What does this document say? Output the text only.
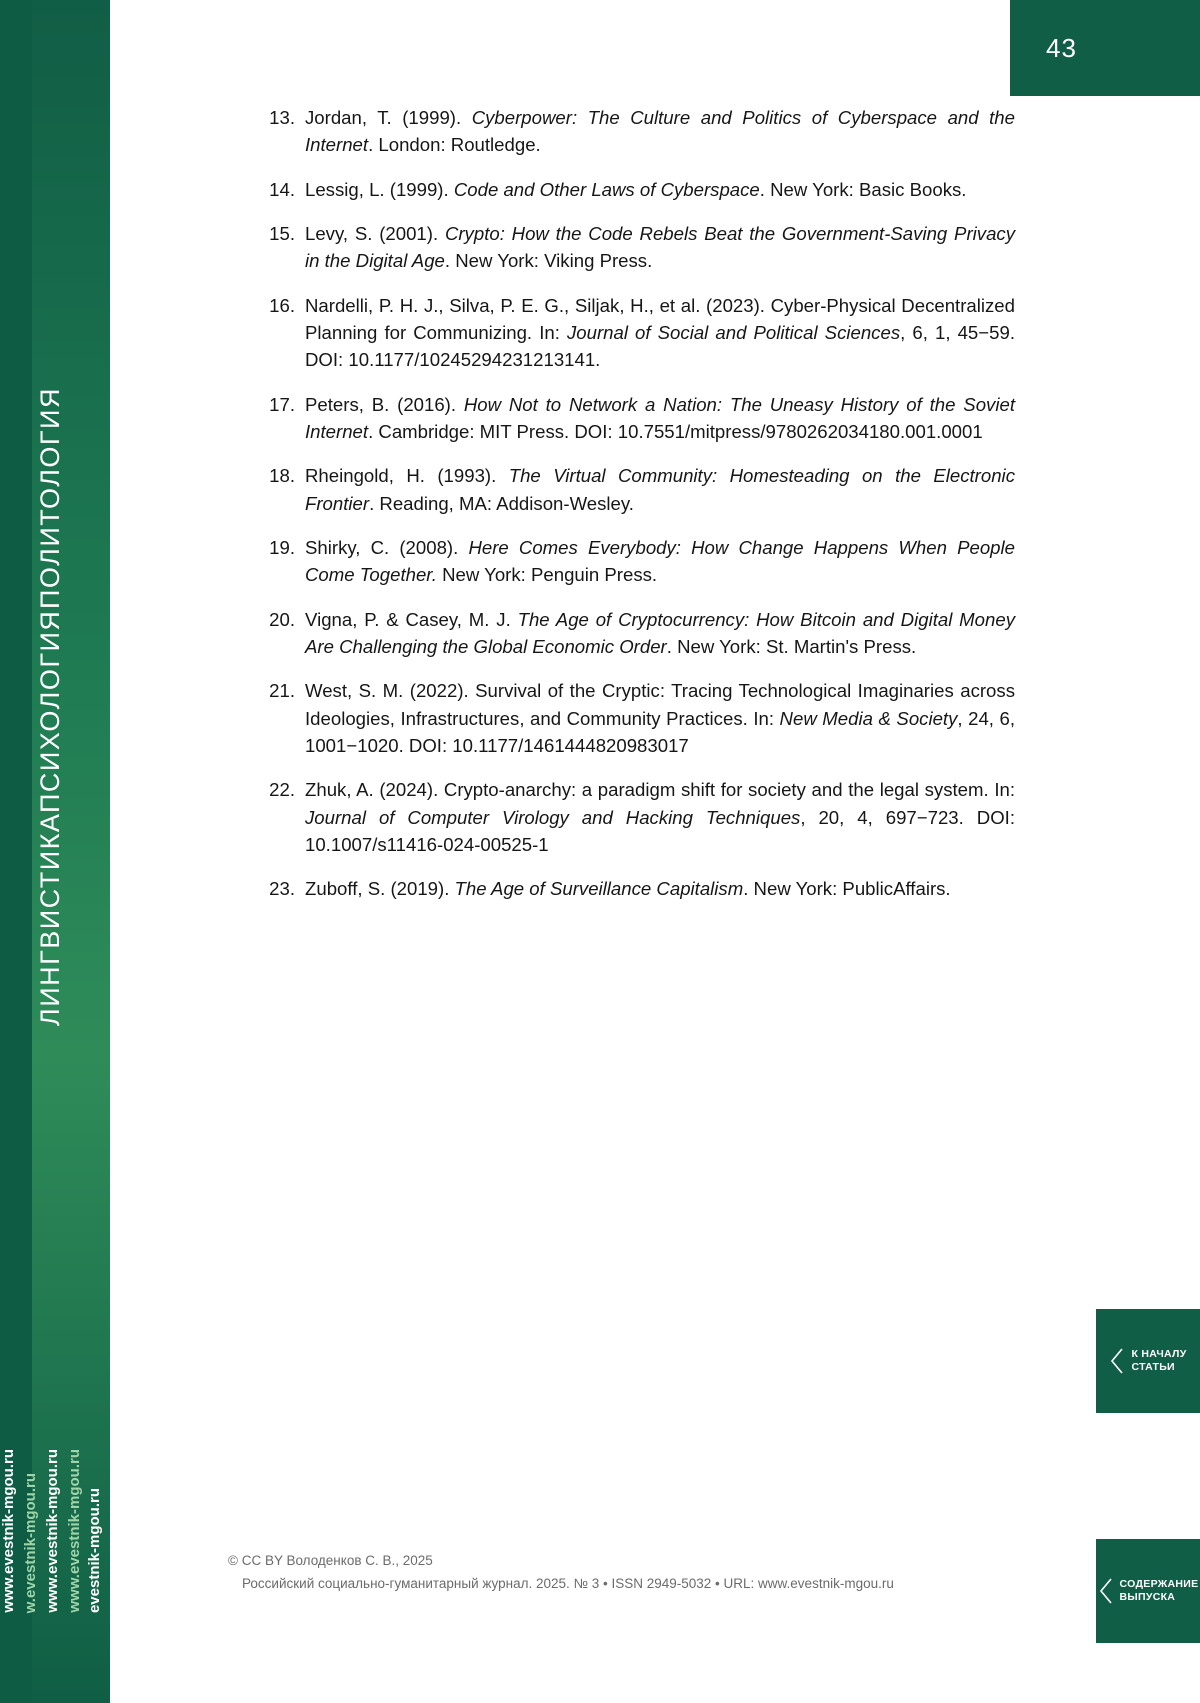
ЛИНГВИСТИКА
ПСИХОЛОГИЯ
ПОЛИТОЛОГИЯ
www.evestnik-mgou.ru w.evestnik-mgou.ru www.evestnik-mgou.ru www.evestnik-mgou.ru evestnik-mgou.ru
43
13. Jordan, T. (1999). Cyberpower: The Culture and Politics of Cyberspace and the Internet. London: Routledge.
14. Lessig, L. (1999). Code and Other Laws of Cyberspace. New York: Basic Books.
15. Levy, S. (2001). Crypto: How the Code Rebels Beat the Government-Saving Privacy in the Digital Age. New York: Viking Press.
16. Nardelli, P. H. J., Silva, P. E. G., Siljak, H., et al. (2023). Cyber-Physical Decentralized Planning for Communizing. In: Journal of Social and Political Sciences, 6, 1, 45−59. DOI: 10.1177/10245294231213141.
17. Peters, B. (2016). How Not to Network a Nation: The Uneasy History of the Soviet Internet. Cambridge: MIT Press. DOI: 10.7551/mitpress/9780262034180.001.0001
18. Rheingold, H. (1993). The Virtual Community: Homesteading on the Electronic Frontier. Reading, MA: Addison-Wesley.
19. Shirky, C. (2008). Here Comes Everybody: How Change Happens When People Come Together. New York: Penguin Press.
20. Vigna, P. & Casey, M. J. The Age of Cryptocurrency: How Bitcoin and Digital Money Are Challenging the Global Economic Order. New York: St. Martin's Press.
21. West, S. M. (2022). Survival of the Cryptic: Tracing Technological Imaginaries across Ideologies, Infrastructures, and Community Practices. In: New Media & Society, 24, 6, 1001−1020. DOI: 10.1177/1461444820983017
22. Zhuk, A. (2024). Crypto-anarchy: a paradigm shift for society and the legal system. In: Journal of Computer Virology and Hacking Techniques, 20, 4, 697−723. DOI: 10.1007/s11416-024-00525-1
23. Zuboff, S. (2019). The Age of Surveillance Capitalism. New York: PublicAffairs.
© CC BY Володенков С. В., 2025
Российский социально-гуманитарный журнал. 2025. № 3 • ISSN 2949-5032 • URL: www.evestnik-mgou.ru
К НАЧАЛУ
СТАТЬИ
СОДЕРЖАНИЕ
ВЫПУСКА
